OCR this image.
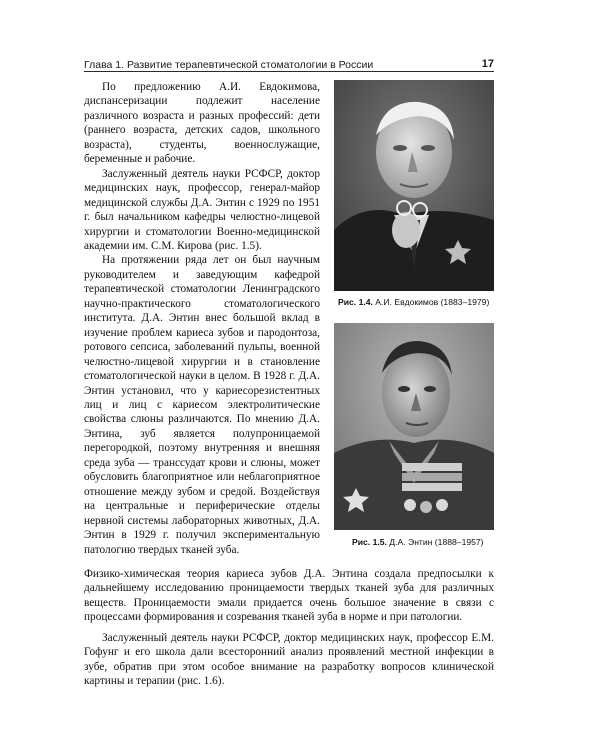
Глава 1. Развитие терапевтической стоматологии в России	17

По предложению А.И. Евдокимова, диспансеризации подлежит население различного возраста и разных профессий: дети (раннего возраста, детских садов, школьного возраста), студенты, военнослужащие, беременные и рабочие.

Заслуженный деятель науки РСФСР, доктор медицинских наук, профессор, генерал-майор медицинской службы Д.А. Энтин с 1929 по 1951 г. был начальником кафедры челюстно-лицевой хирургии и стоматологии Военно-медицинской академии им. С.М. Кирова (рис. 1.5).

На протяжении ряда лет он был научным руководителем и заведующим кафедрой терапевтической стоматологии Ленинградского научно-практического стоматологического института. Д.А. Энтин внес большой вклад в изучение проблем кариеса зубов и пародонтоза, ротового сепсиса, заболеваний пульпы, военной челюстно-лицевой хирургии и в становление стоматологической науки в целом. В 1928 г. Д.А. Энтин установил, что у кариесорезистентных лиц и лиц с кариесом электролитические свойства слюны различаются. По мнению Д.А. Энтина, зуб является полупроницаемой перегородкой, поэтому внутренняя и внешняя среда зуба — транссудат крови и слюны, может обусловить благоприятное или неблагоприятное отношение между зубом и средой. Воздействуя на центральные и периферические отделы нервной системы лабораторных животных, Д.А. Энтин в 1929 г. получил экспериментальную патологию твердых тканей зуба.

Рис. 1.4. А.И. Евдокимов (1883–1979)
Рис. 1.5. Д.А. Энтин (1888–1957)

Физико-химическая теория кариеса зубов Д.А. Энтина создала предпосылки к дальнейшему исследованию проницаемости твердых тканей зуба для различных веществ. Проницаемости эмали придается очень большое значение в связи с процессами формирования и созревания тканей зуба в норме и при патологии.

Заслуженный деятель науки РСФСР, доктор медицинских наук, профессор Е.М. Гофунг и его школа дали всесторонний анализ проявлений местной инфекции в зубе, обратив при этом особое внимание на разработку вопросов клинической картины и терапии (рис. 1.6).
